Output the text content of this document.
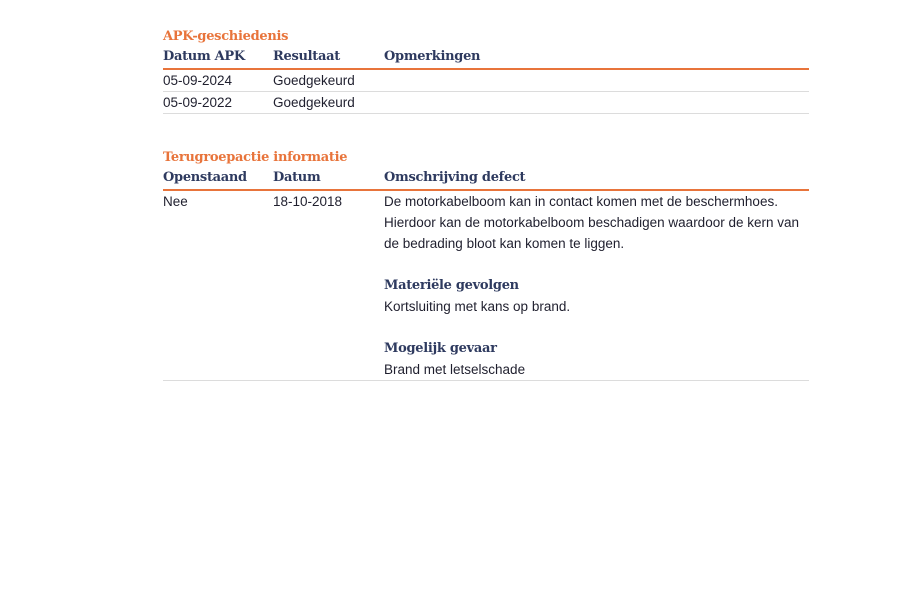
APK-geschiedenis
Datum APK	Resultaat	Opmerkingen
05-09-2024	Goedgekeurd	
05-09-2022	Goedgekeurd	
Terugroepactie informatie
Openstaand	Datum	Omschrijving defect
Nee	18-10-2018	De motorkabelboom kan in contact komen met de beschermhoes. Hierdoor kan de motorkabelboom beschadigen waardoor de kern van de bedrading bloot kan komen te liggen.
Materiële gevolgen
Kortsluiting met kans op brand.
Mogelijk gevaar
Brand met letselschade
